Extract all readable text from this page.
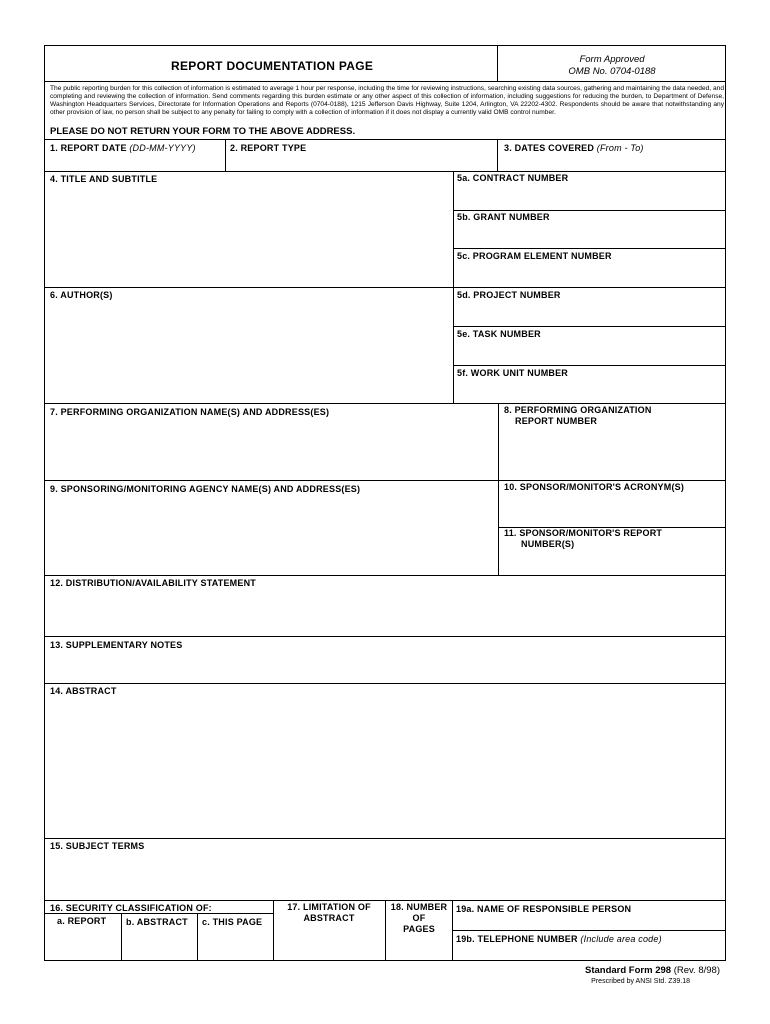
REPORT DOCUMENTATION PAGE	Form Approved
OMB No. 0704-0188
The public reporting burden for this collection of information is estimated to average 1 hour per response, including the time for reviewing instructions, searching existing data sources, gathering and maintaining the data needed, and completing and reviewing the collection of information. Send comments regarding this burden estimate or any other aspect of this collection of information, including suggestions for reducing the burden, to Department of Defense, Washington Headquarters Services, Directorate for Information Operations and Reports (0704-0188), 1215 Jefferson Davis Highway, Suite 1204, Arlington, VA 22202-4302. Respondents should be aware that notwithstanding any other provision of law, no person shall be subject to any penalty for failing to comply with a collection of information if it does not display a currently valid OMB control number.
PLEASE DO NOT RETURN YOUR FORM TO THE ABOVE ADDRESS.
1. REPORT DATE (DD-MM-YYYY)	2. REPORT TYPE	3. DATES COVERED (From - To)
4. TITLE AND SUBTITLE	5a. CONTRACT NUMBER
5b. GRANT NUMBER
5c. PROGRAM ELEMENT NUMBER
6. AUTHOR(S)	5d. PROJECT NUMBER
5e. TASK NUMBER
5f. WORK UNIT NUMBER
7. PERFORMING ORGANIZATION NAME(S) AND ADDRESS(ES)	8. PERFORMING ORGANIZATION
REPORT NUMBER
9. SPONSORING/MONITORING AGENCY NAME(S) AND ADDRESS(ES)	10. SPONSOR/MONITOR'S ACRONYM(S)
11. SPONSOR/MONITOR'S REPORT
NUMBER(S)
12. DISTRIBUTION/AVAILABILITY STATEMENT
13. SUPPLEMENTARY NOTES
14. ABSTRACT
15. SUBJECT TERMS
16. SECURITY CLASSIFICATION OF:
a. REPORT b. ABSTRACT c. THIS PAGE
17. LIMITATION OF
ABSTRACT
18. NUMBER
OF
PAGES
19a. NAME OF RESPONSIBLE PERSON
19b. TELEPHONE NUMBER (Include area code)
Standard Form 298 (Rev. 8/98)
Prescribed by ANSI Std. Z39.18
